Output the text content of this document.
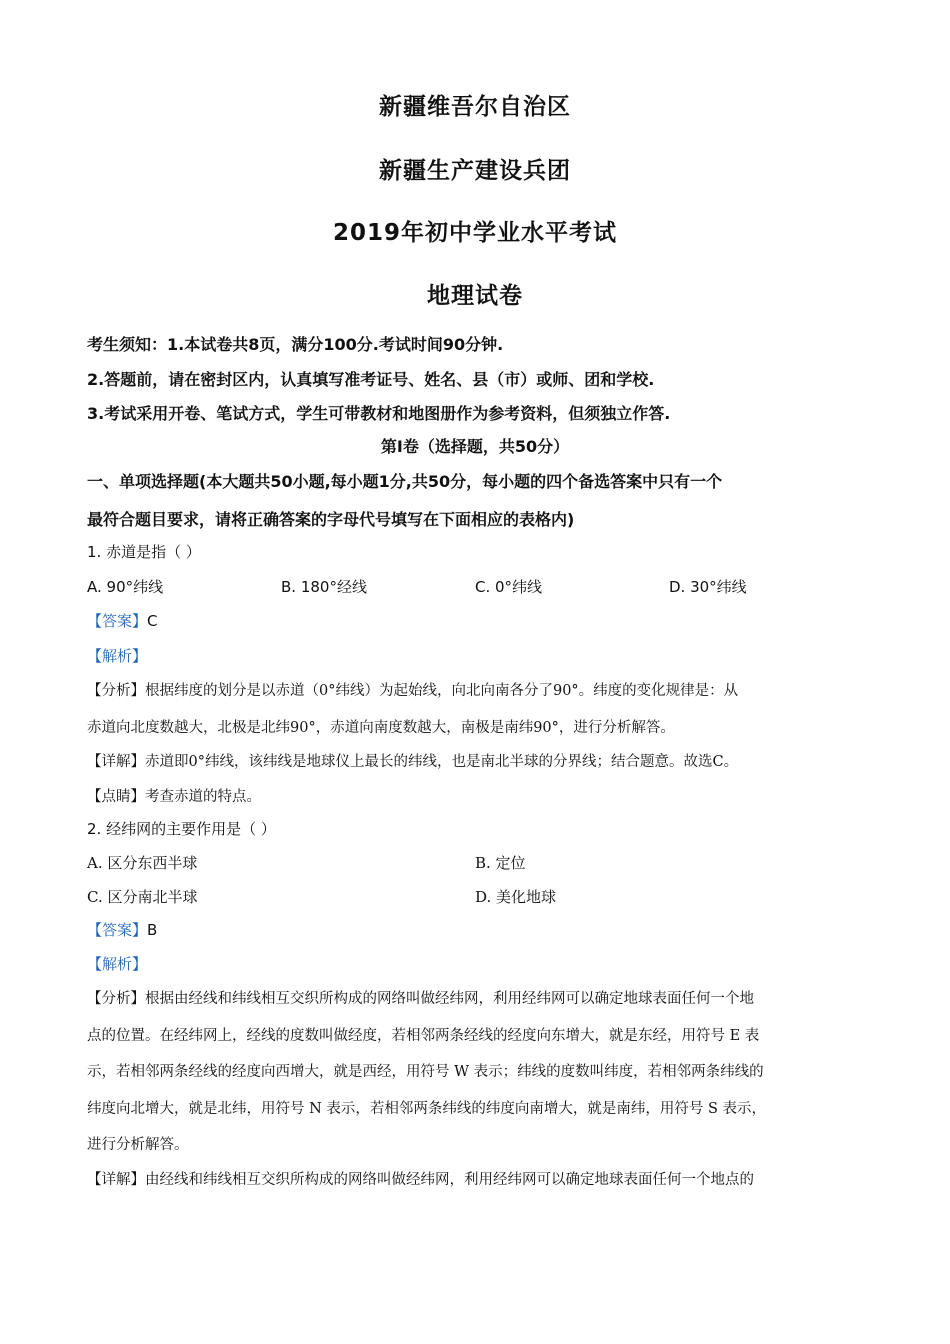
新疆维吾尔自治区
新疆生产建设兵团
2019年初中学业水平考试
地理试卷
考生须知：1.本试卷共8页，满分100分.考试时间90分钟.
2.答题前，请在密封区内，认真填写准考证号、姓名、县（市）或师、团和学校.
3.考试采用开卷、笔试方式，学生可带教材和地图册作为参考资料，但须独立作答.
第Ⅰ卷（选择题，共50分）
一、单项选择题(本大题共50小题,每小题1分,共50分，每小题的四个备选答案中只有一个
最符合题目要求，请将正确答案的字母代号填写在下面相应的表格内)
1. 赤道是指（ ）
A. 90°纬线	B. 180°经线	C. 0°纬线	D. 30°纬线
【答案】C
【解析】
【分析】根据纬度的划分是以赤道（0°纬线）为起始线，向北向南各分了90°。纬度的变化规律是：从
赤道向北度数越大，北极是北纬90°，赤道向南度数越大，南极是南纬90°，进行分析解答。
【详解】赤道即0°纬线，该纬线是地球仪上最长的纬线，也是南北半球的分界线；结合题意。故选C。
【点睛】考查赤道的特点。
2. 经纬网的主要作用是（ ）
A. 区分东西半球	B. 定位
C. 区分南北半球	D. 美化地球
【答案】B
【解析】
【分析】根据由经线和纬线相互交织所构成的网络叫做经纬网，利用经纬网可以确定地球表面任何一个地
点的位置。在经纬网上，经线的度数叫做经度，若相邻两条经线的经度向东增大，就是东经，用符号 E 表
示，若相邻两条经线的经度向西增大，就是西经，用符号 W 表示；纬线的度数叫纬度，若相邻两条纬线的
纬度向北增大，就是北纬，用符号 N 表示，若相邻两条纬线的纬度向南增大，就是南纬，用符号 S 表示，
进行分析解答。
【详解】由经线和纬线相互交织所构成的网络叫做经纬网，利用经纬网可以确定地球表面任何一个地点的
